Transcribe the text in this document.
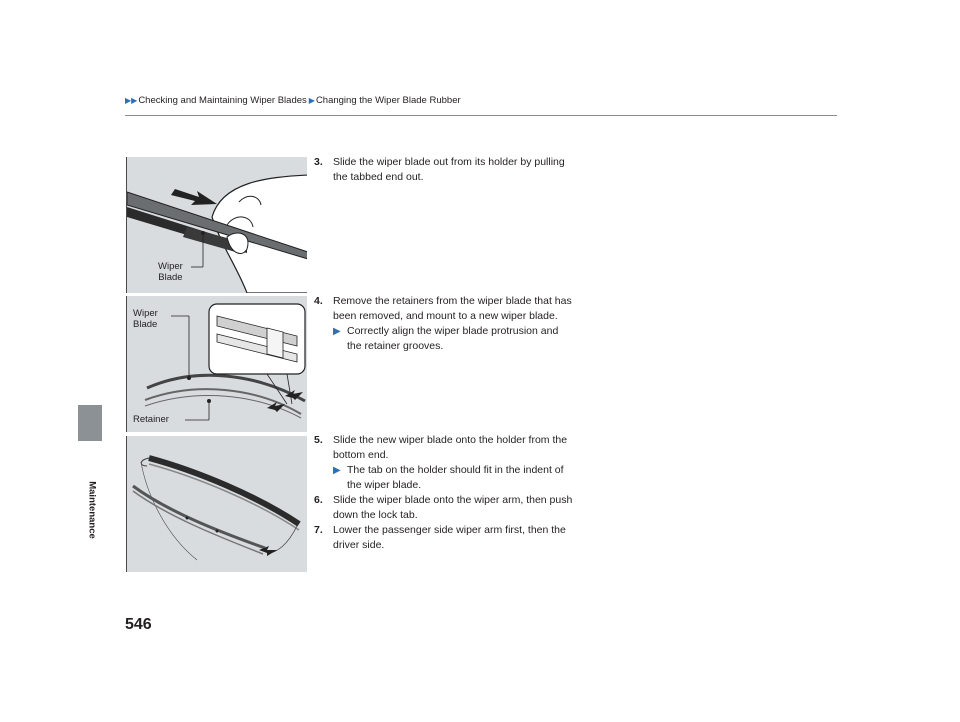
▶▶ Checking and Maintaining Wiper Blades ▶ Changing the Wiper Blade Rubber
Maintenance
Wiper
Blade
Wiper
Blade
Retainer
3. Slide the wiper blade out from its holder by pulling the tabbed end out.
4. Remove the retainers from the wiper blade that has been removed, and mount to a new wiper blade.
▶ Correctly align the wiper blade protrusion and the retainer grooves.
5. Slide the new wiper blade onto the holder from the bottom end.
▶ The tab on the holder should fit in the indent of the wiper blade.
6. Slide the wiper blade onto the wiper arm, then push down the lock tab.
7. Lower the passenger side wiper arm first, then the driver side.
546
